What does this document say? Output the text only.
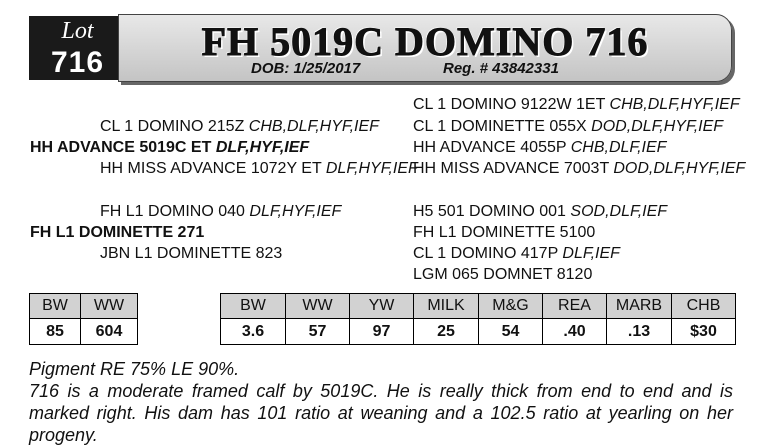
Lot
716	FH 5019C DOMINO 716
DOB: 1/25/2017	Reg. # 43842331
CL 1 DOMINO 9122W 1ET CHB,DLF,HYF,IEF
CL 1 DOMINO 215Z CHB,DLF,HYF,IEF CL 1 DOMINETTE 055X DOD,DLF,HYF,IEF
HH ADVANCE 5019C ET DLF,HYF,IEF	HH ADVANCE 4055P CHB,DLF,IEF
HH MISS ADVANCE 1072Y ET DLF,HYF,IEF
HH MISS ADVANCE 7003T DOD,DLF,HYF,IEF
FH L1 DOMINO 040 DLF,HYF,IEF	H5 501 DOMINO 001 SOD,DLF,IEF
FH L1 DOMINETTE 271	FH L1 DOMINETTE 5100
JBN L1 DOMINETTE 823	CL 1 DOMINO 417P DLF,IEF
LGM 065 DOMNET 8120
BW	WW
85	604
BW	WW	YW	MILK	M&G	REA	MARB	CHB
3.6	57	97	25	54	.40	.13	$30
Pigment RE 75% LE 90%.
716 is a moderate framed calf by 5019C. He is really thick from end to end and is marked right. His dam has 101 ratio at weaning and a 102.5 ratio at yearling on her progeny.
